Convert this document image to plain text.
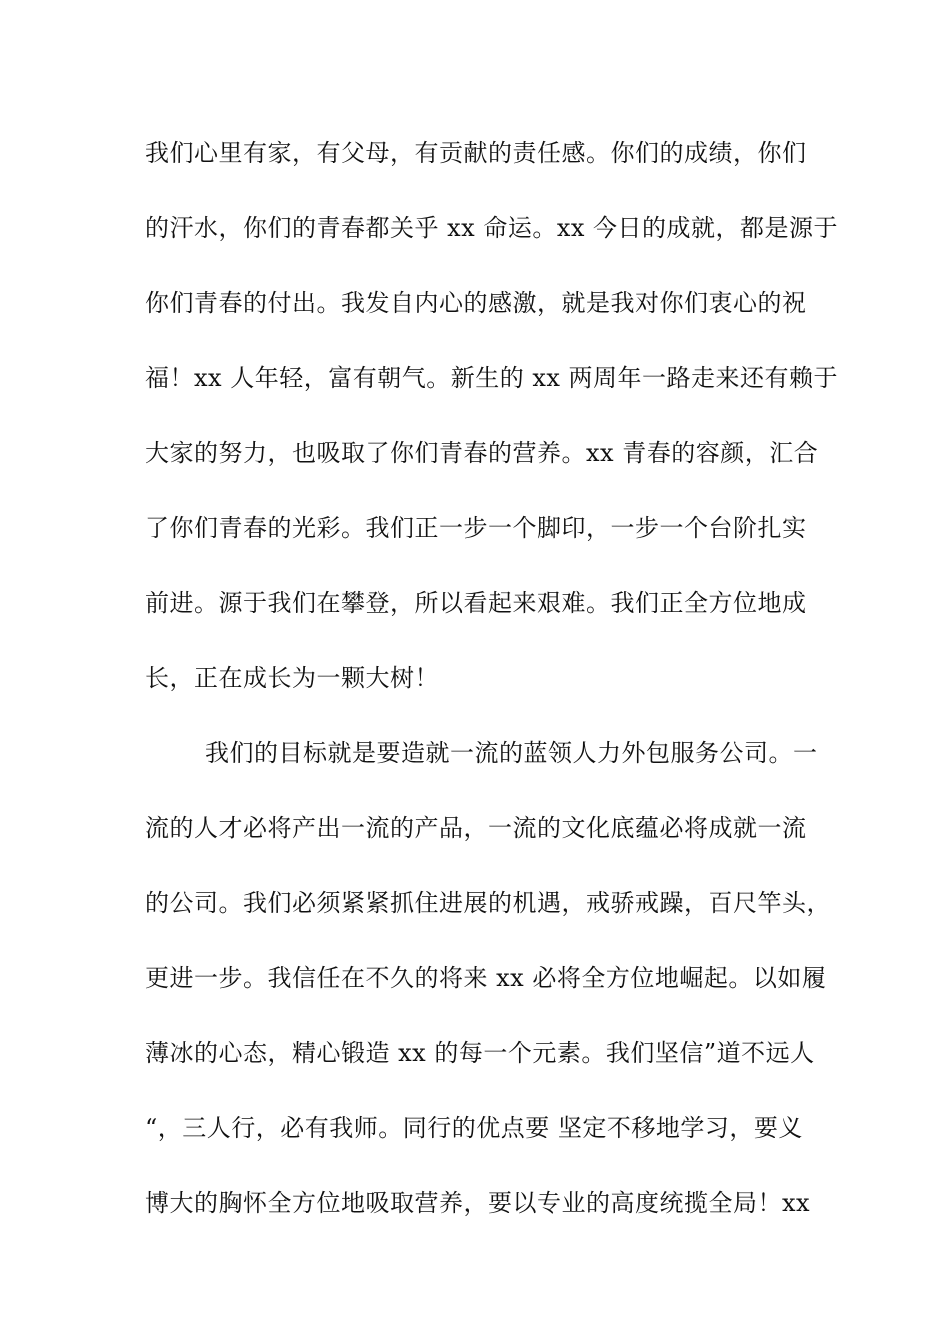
我们心里有家，有父母，有贡献的责任感。你们的成绩，你们
的汗水，你们的青春都关乎 xx 命运。xx 今日的成就，都是源于
你们青春的付出。我发自内心的感激，就是我对你们衷心的祝
福！xx 人年轻，富有朝气。新生的 xx 两周年一路走来还有赖于
大家的努力，也吸取了你们青春的营养。xx 青春的容颜，汇合
了你们青春的光彩。我们正一步一个脚印，一步一个台阶扎实
前进。源于我们在攀登，所以看起来艰难。我们正全方位地成
长，正在成长为一颗大树！
我们的目标就是要造就一流的蓝领人力外包服务公司。一
流的人才必将产出一流的产品，一流的文化底蕴必将成就一流
的公司。我们必须紧紧抓住进展的机遇，戒骄戒躁，百尺竿头，
更进一步。我信任在不久的将来 xx 必将全方位地崛起。以如履
薄冰的心态，精心锻造 xx 的每一个元素。我们坚信”道不远人
“，三人行，必有我师。同行的优点要 坚定不移地学习，要义
博大的胸怀全方位地吸取营养，要以专业的高度统揽全局！xx
